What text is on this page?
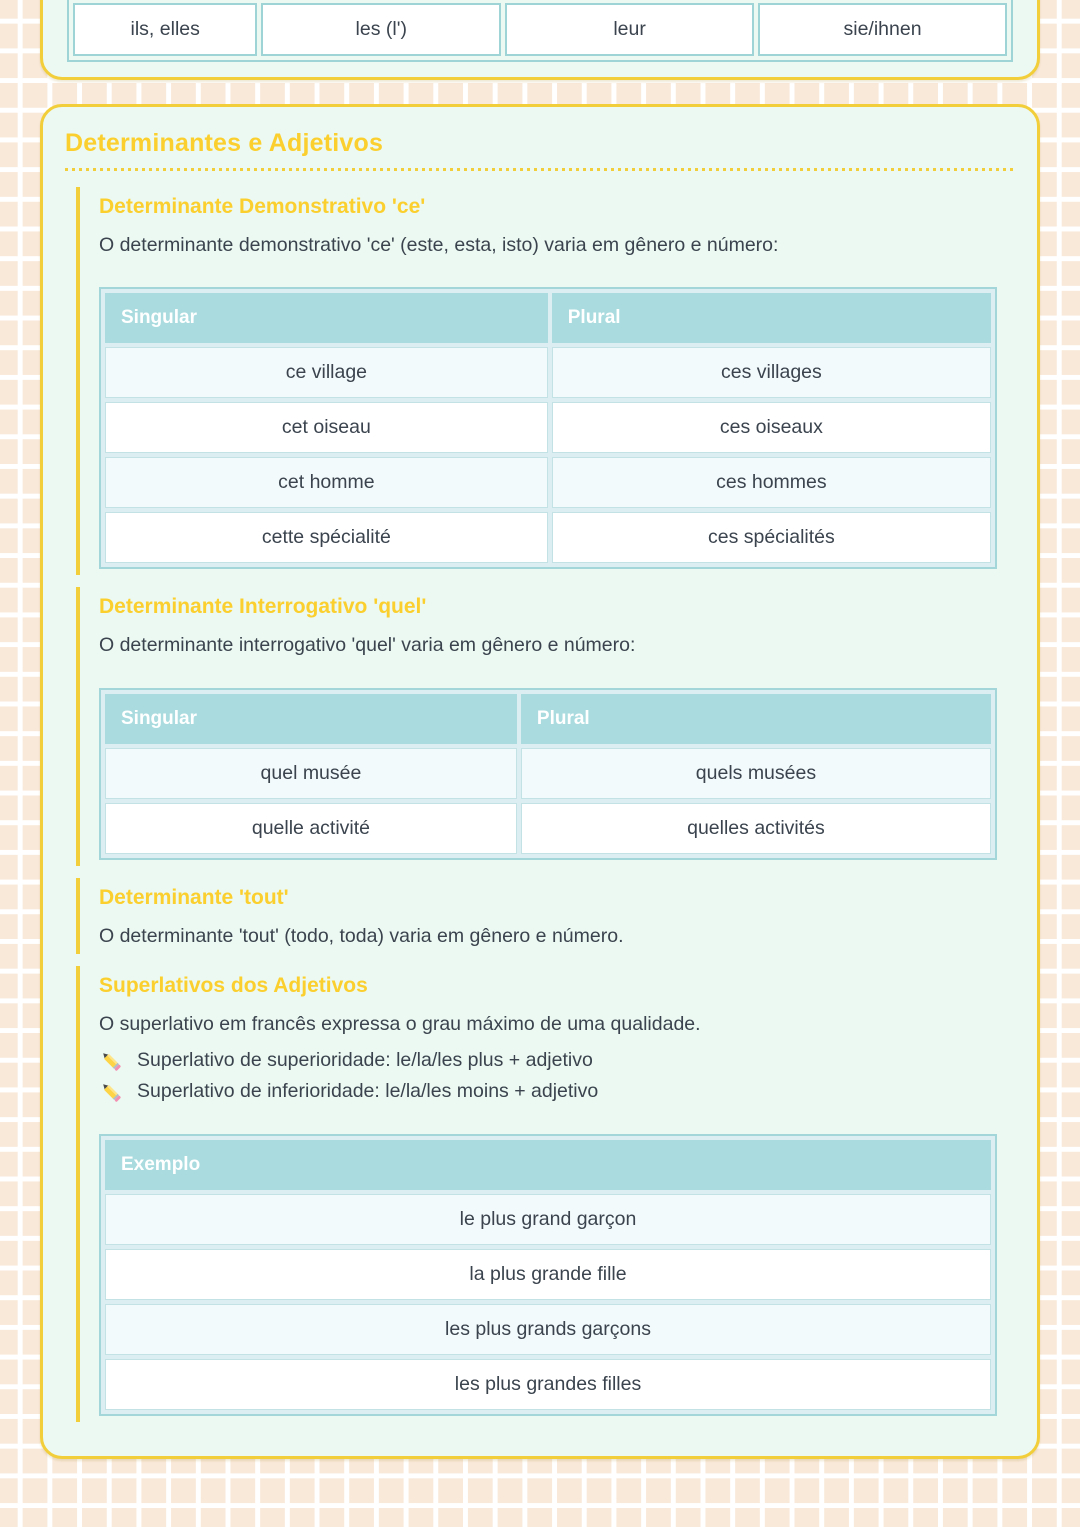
ils, elles	les (l')	leur	sie/ihnen
Determinantes e Adjetivos
Determinante Demonstrativo 'ce'

O determinante demonstrativo 'ce' (este, esta, isto) varia em gênero e número:

Singular	Plural
ce village	ces villages
cet oiseau	ces oiseaux
cet homme	ces hommes
cette spécialité	ces spécialités
Determinante Interrogativo 'quel'

O determinante interrogativo 'quel' varia em gênero e número:

Singular	Plural
quel musée	quels musées
quelle activité	quelles activités
Determinante 'tout'

O determinante 'tout' (todo, toda) varia em gênero e número.

Superlativos dos Adjetivos

O superlativo em francês expressa o grau máximo de uma qualidade.

Superlativo de superioridade: le/la/les plus + adjetivo
Superlativo de inferioridade: le/la/les moins + adjetivo
Exemplo
le plus grand garçon
la plus grande fille
les plus grands garçons
les plus grandes filles
